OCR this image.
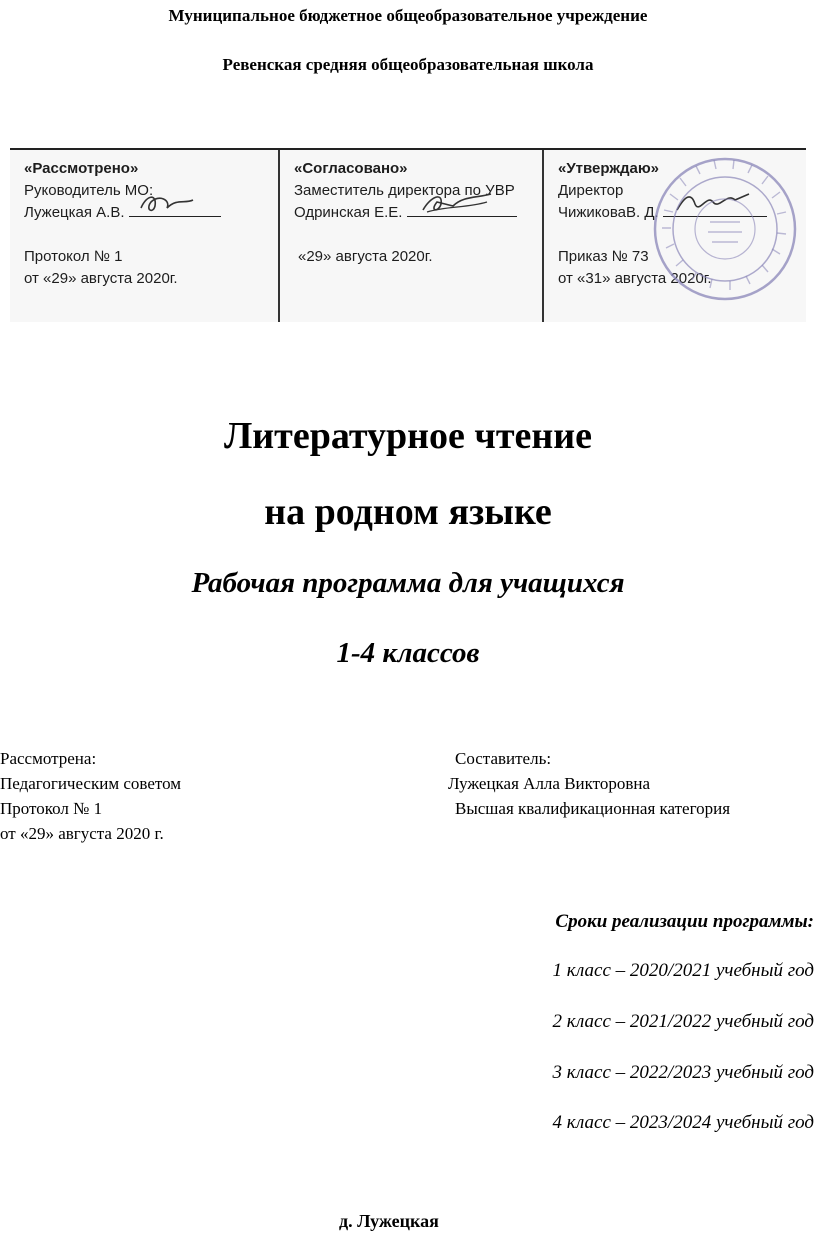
Муниципальное бюджетное общеобразовательное учреждение
Ревенская средняя общеобразовательная школа
«Рассмотрено»
Руководитель МО:
Лужецкая А.В.
Протокол № 1
от «29» августа 2020г.
«Согласовано»
Заместитель директора по УВР
Одринская Е.Е.
«29» августа 2020г.
«Утверждаю»
Директор
ЧижиковаВ. Д.
Приказ № 73
от «31» августа 2020г.
Литературное чтение
на родном языке
Рабочая программа для учащихся
1-4 классов
Рассмотрена:
Педагогическим советом
Протокол № 1
от «29» августа 2020 г.
Составитель:
Лужецкая Алла Викторовна
Высшая квалификационная категория
Сроки реализации программы:
1 класс – 2020/2021 учебный год
2 класс – 2021/2022 учебный год
3 класс – 2022/2023 учебный год
4 класс – 2023/2024 учебный год
д. Лужецкая
